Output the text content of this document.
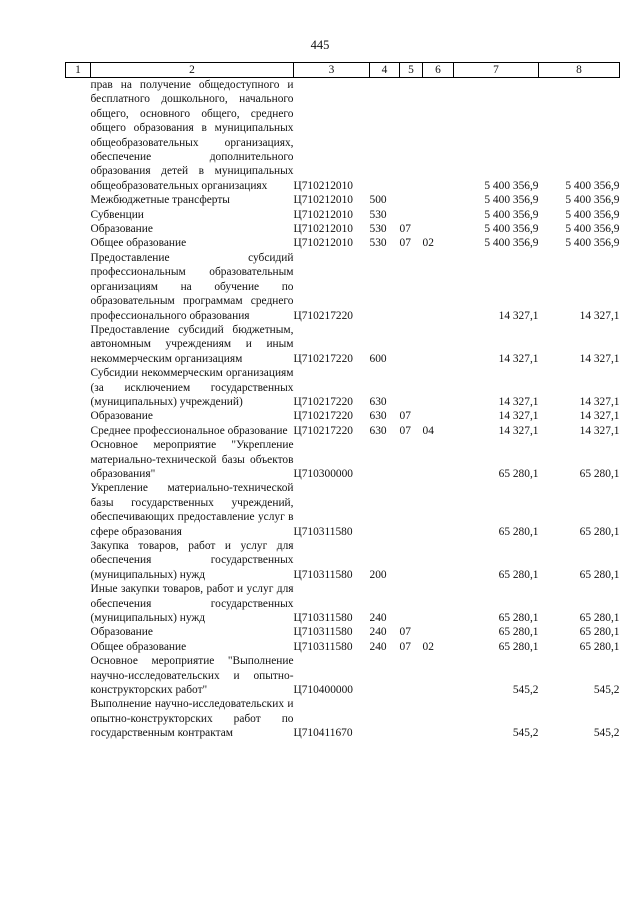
445
1	2	3	4	5	6	7	8
	прав на получение общедоступного и бесплатного дошкольного, начального общего, основного общего, среднего общего образования в муниципальных общеобразовательных организациях, обеспечение дополнительного образования детей в муниципальных общеобразовательных организациях	Ц710212010				5 400 356,9	5 400 356,9
	Межбюджетные трансферты	Ц710212010	500			5 400 356,9	5 400 356,9
	Субвенции	Ц710212010	530			5 400 356,9	5 400 356,9
	Образование	Ц710212010	530	07		5 400 356,9	5 400 356,9
	Общее образование	Ц710212010	530	07	02	5 400 356,9	5 400 356,9
	Предоставление субсидий профессиональным образовательным организациям на обучение по образовательным программам среднего профессионального образования	Ц710217220				14 327,1	14 327,1
	Предоставление субсидий бюджетным, автономным учреждениям и иным некоммерческим организациям	Ц710217220	600			14 327,1	14 327,1
	Субсидии некоммерческим организациям (за исключением государственных (муниципальных) учреждений)	Ц710217220	630			14 327,1	14 327,1
	Образование	Ц710217220	630	07		14 327,1	14 327,1
	Среднее профессиональное образование	Ц710217220	630	07	04	14 327,1	14 327,1
	Основное мероприятие "Укрепление материально-технической базы объектов образования"	Ц710300000				65 280,1	65 280,1
	Укрепление материально-технической базы государственных учреждений, обеспечивающих предоставление услуг в сфере образования	Ц710311580				65 280,1	65 280,1
	Закупка товаров, работ и услуг для обеспечения государственных (муниципальных) нужд	Ц710311580	200			65 280,1	65 280,1
	Иные закупки товаров, работ и услуг для обеспечения государственных (муниципальных) нужд	Ц710311580	240			65 280,1	65 280,1
	Образование	Ц710311580	240	07		65 280,1	65 280,1
	Общее образование	Ц710311580	240	07	02	65 280,1	65 280,1
	Основное мероприятие "Выполнение научно-исследовательских и опытно-конструкторских работ"	Ц710400000				545,2	545,2
	Выполнение научно-исследовательских и опытно-конструкторских работ по государственным контрактам	Ц710411670				545,2	545,2
